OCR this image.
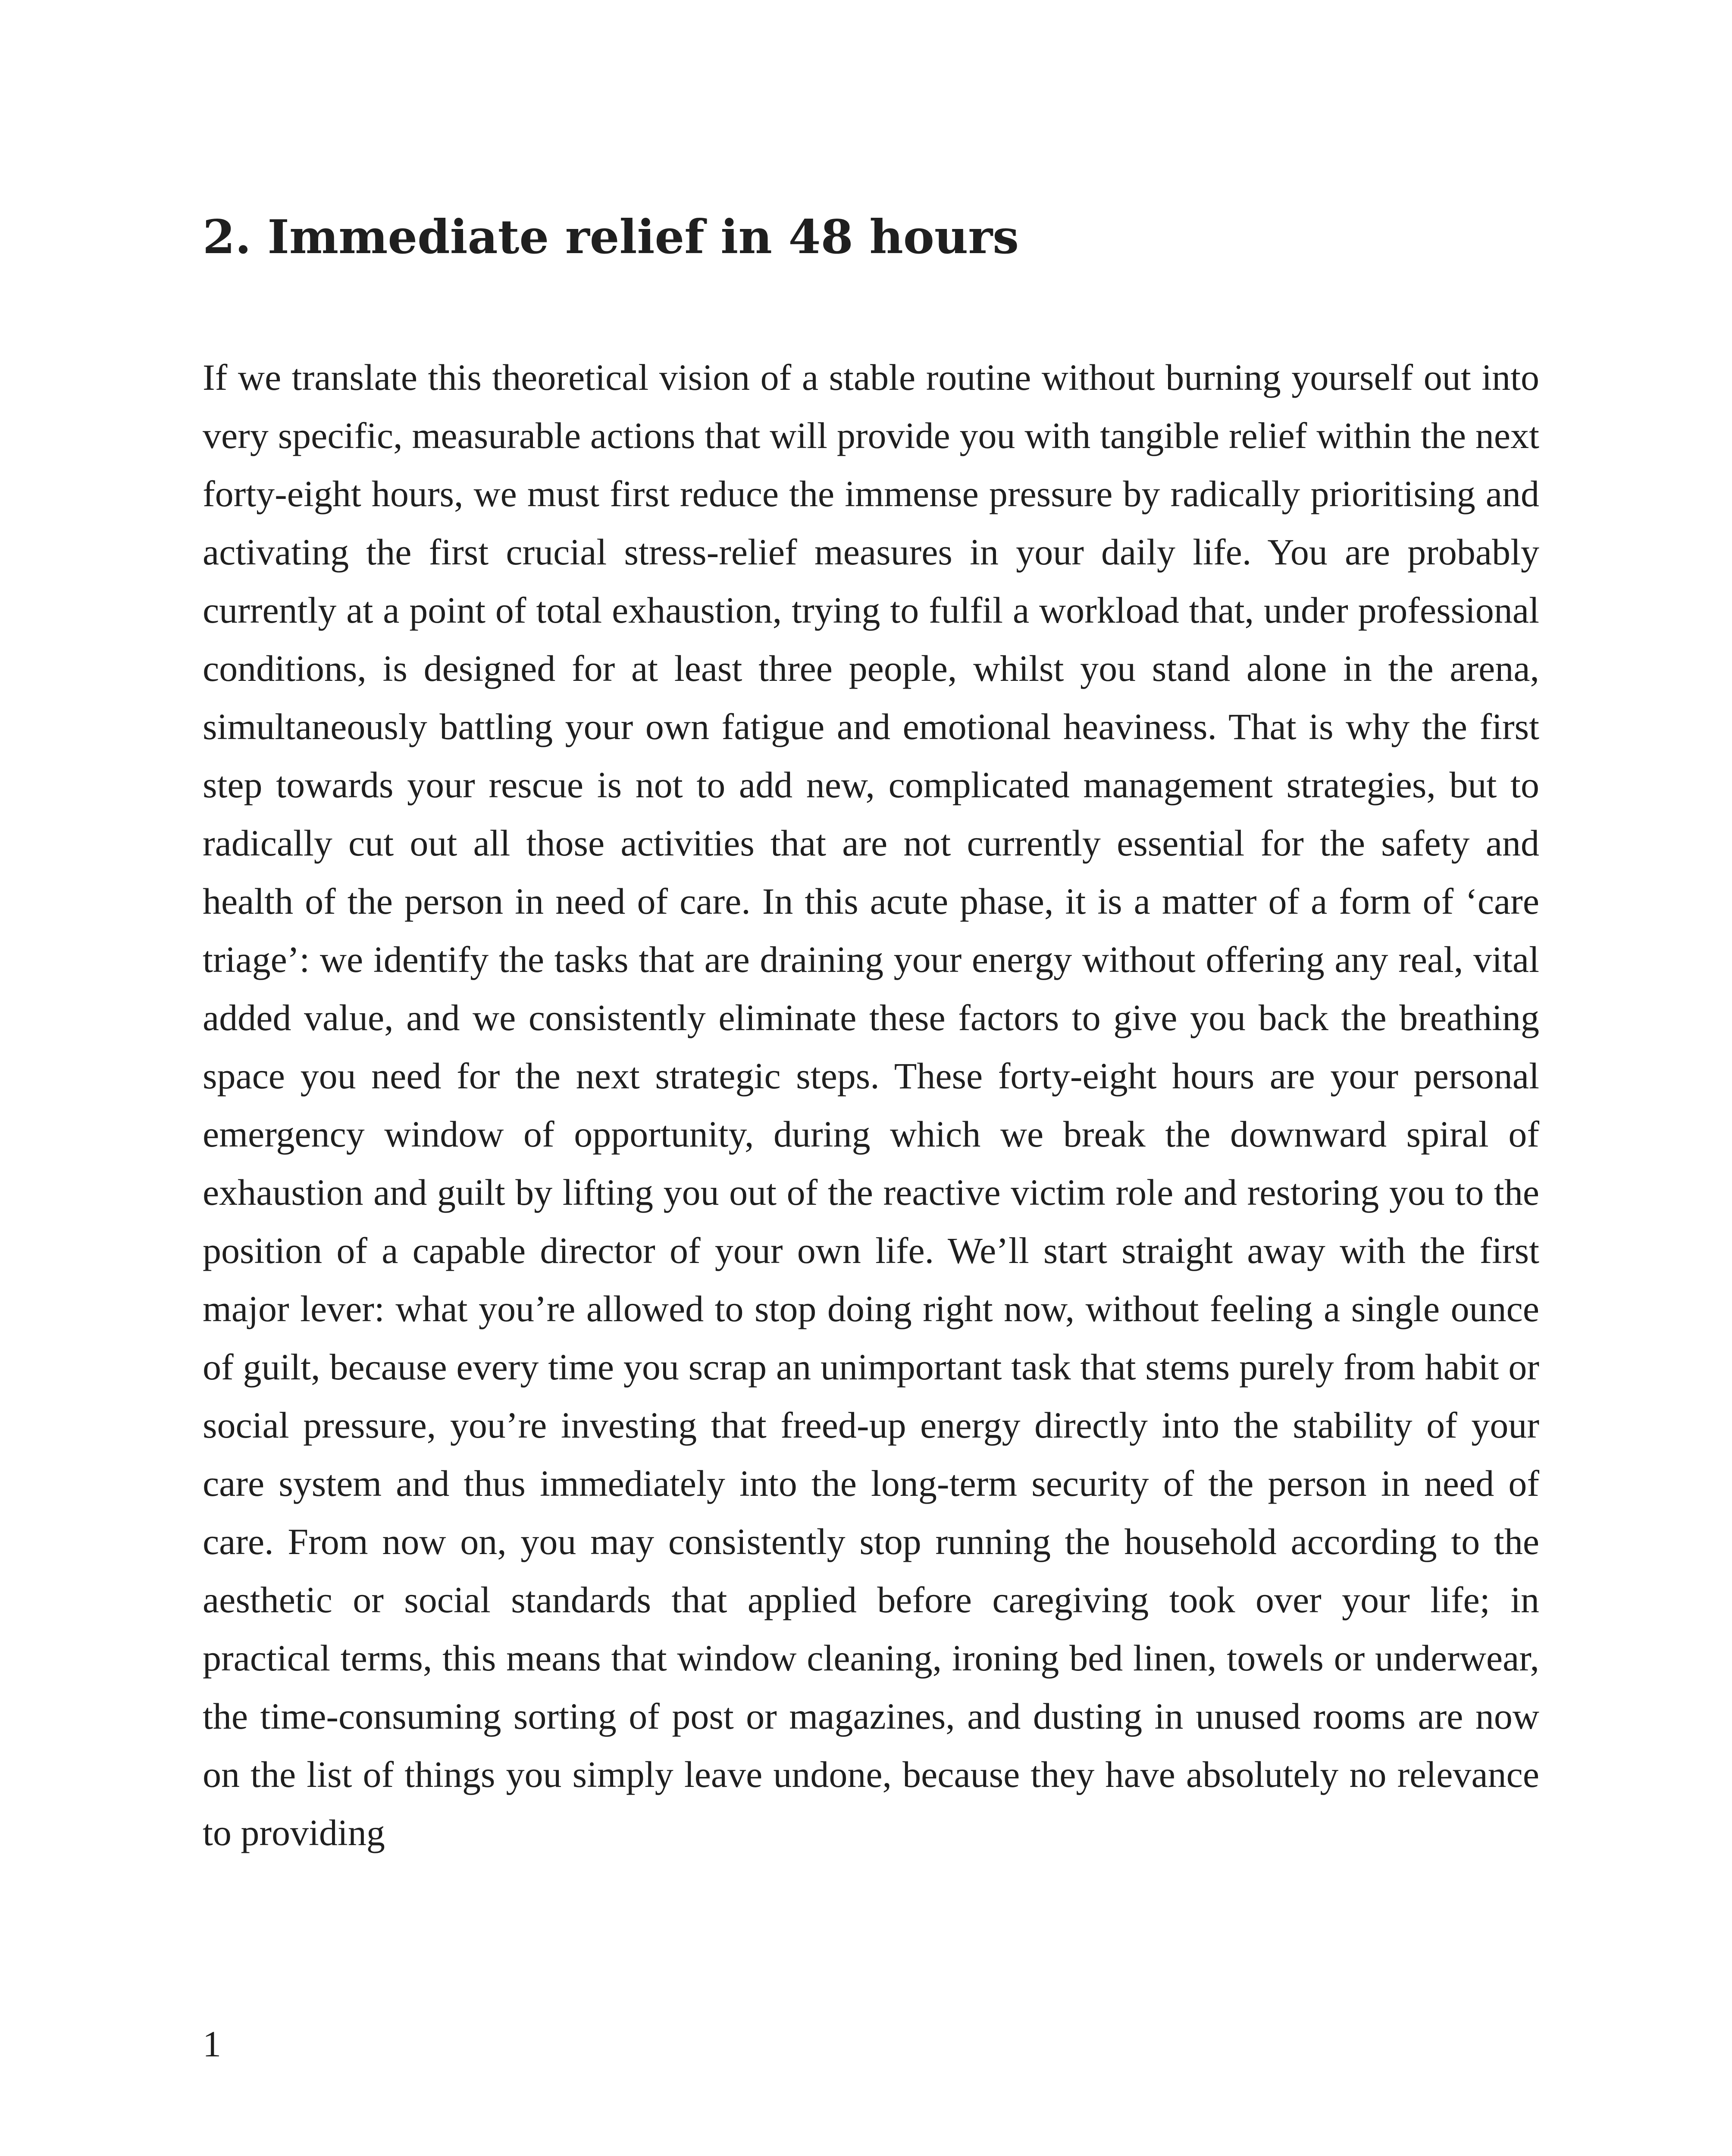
2. Immediate relief in 48 hours

If we translate this theoretical vision of a stable routine without burning yourself out into very specific, measurable actions that will provide you with tangible relief within the next forty-eight hours, we must first reduce the immense pressure by radically prioritising and activating the first crucial stress-relief measures in your daily life. You are probably currently at a point of total exhaustion, trying to fulfil a workload that, under professional conditions, is designed for at least three people, whilst you stand alone in the arena, simultaneously battling your own fatigue and emotional heaviness. That is why the first step towards your rescue is not to add new, complicated management strategies, but to radically cut out all those activities that are not currently essential for the safety and health of the person in need of care. In this acute phase, it is a matter of a form of ‘care triage’: we identify the tasks that are draining your energy without offering any real, vital added value, and we consistently eliminate these factors to give you back the breathing space you need for the next strategic steps. These forty-eight hours are your personal emergency window of opportunity, during which we break the downward spiral of exhaustion and guilt by lifting you out of the reactive victim role and restoring you to the position of a capable director of your own life. We’ll start straight away with the first major lever: what you’re allowed to stop doing right now, without feeling a single ounce of guilt, because every time you scrap an unimportant task that stems purely from habit or social pressure, you’re investing that freed-up energy directly into the stability of your care system and thus immediately into the long-term security of the person in need of care. From now on, you may consistently stop running the household according to the aesthetic or social standards that applied before caregiving took over your life; in practical terms, this means that window cleaning, ironing bed linen, towels or underwear, the time-consuming sorting of post or magazines, and dusting in unused rooms are now on the list of things you simply leave undone, because they have absolutely no relevance to providing

1
